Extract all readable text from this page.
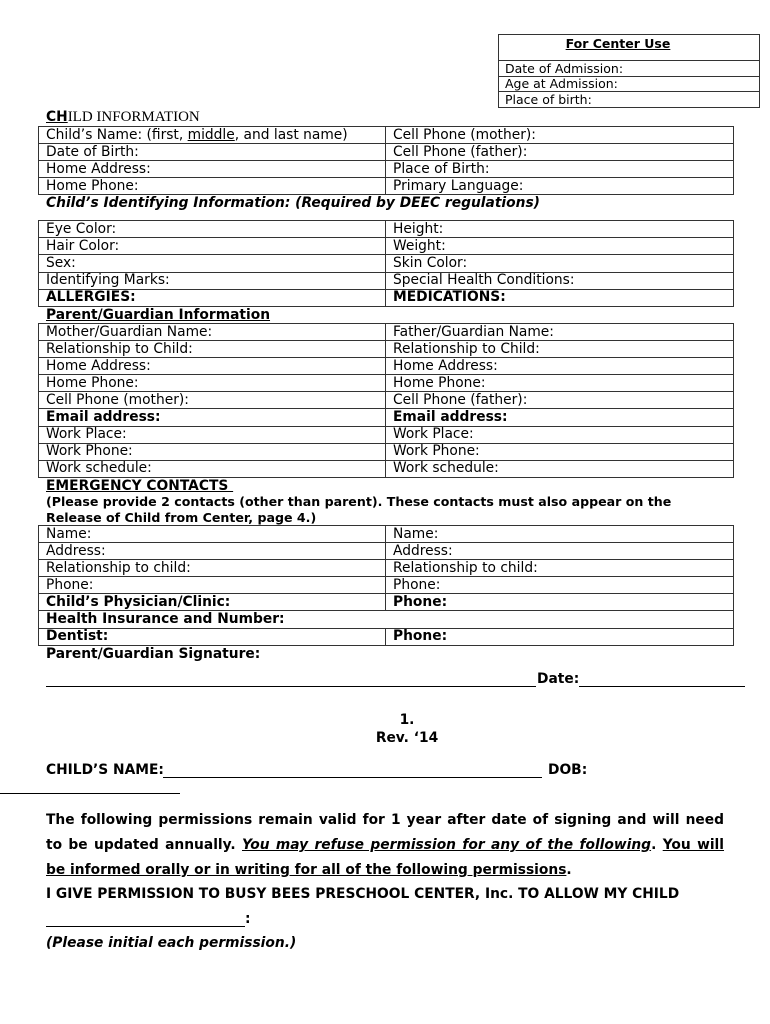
For Center Use
Date of Admission:
Age at Admission:
Place of birth:
CHILD INFORMATION
Child’s Name: (first, middle, and last name)	Cell Phone (mother):
Date of Birth:	Cell Phone (father):
Home Address:	Place of Birth:
Home Phone:	Primary Language:
Child’s Identifying Information: (Required by DEEC regulations)
Eye Color:	Height:
Hair Color:	Weight:
Sex:	Skin Color:
Identifying Marks:	Special Health Conditions:
ALLERGIES:	MEDICATIONS:
Parent/Guardian Information
Mother/Guardian Name:	Father/Guardian Name:
Relationship to Child:	Relationship to Child:
Home Address:	Home Address:
Home Phone:	Home Phone:
Cell Phone (mother):	Cell Phone (father):
Email address:	Email address:
Work Place:	Work Place:
Work Phone:	Work Phone:
Work schedule:	Work schedule:
EMERGENCY CONTACTS
(Please provide 2 contacts (other than parent). These contacts must also appear on the
Release of Child from Center, page 4.)
Name:	Name:
Address:	Address:
Relationship to child:	Relationship to child:
Phone:	Phone:
Child’s Physician/Clinic:	Phone:
Health Insurance and Number:	
Dentist:	Phone:
Parent/Guardian Signature:
Date:
1.
Rev. ‘14
CHILD’S NAME:	DOB:
The following permissions remain valid for 1 year after date of signing and will need
to be updated annually. You may refuse permission for any of the following. You will
be informed orally or in writing for all of the following permissions.
I GIVE PERMISSION TO BUSY BEES PRESCHOOL CENTER, Inc. TO ALLOW MY CHILD
:
(Please initial each permission.)
